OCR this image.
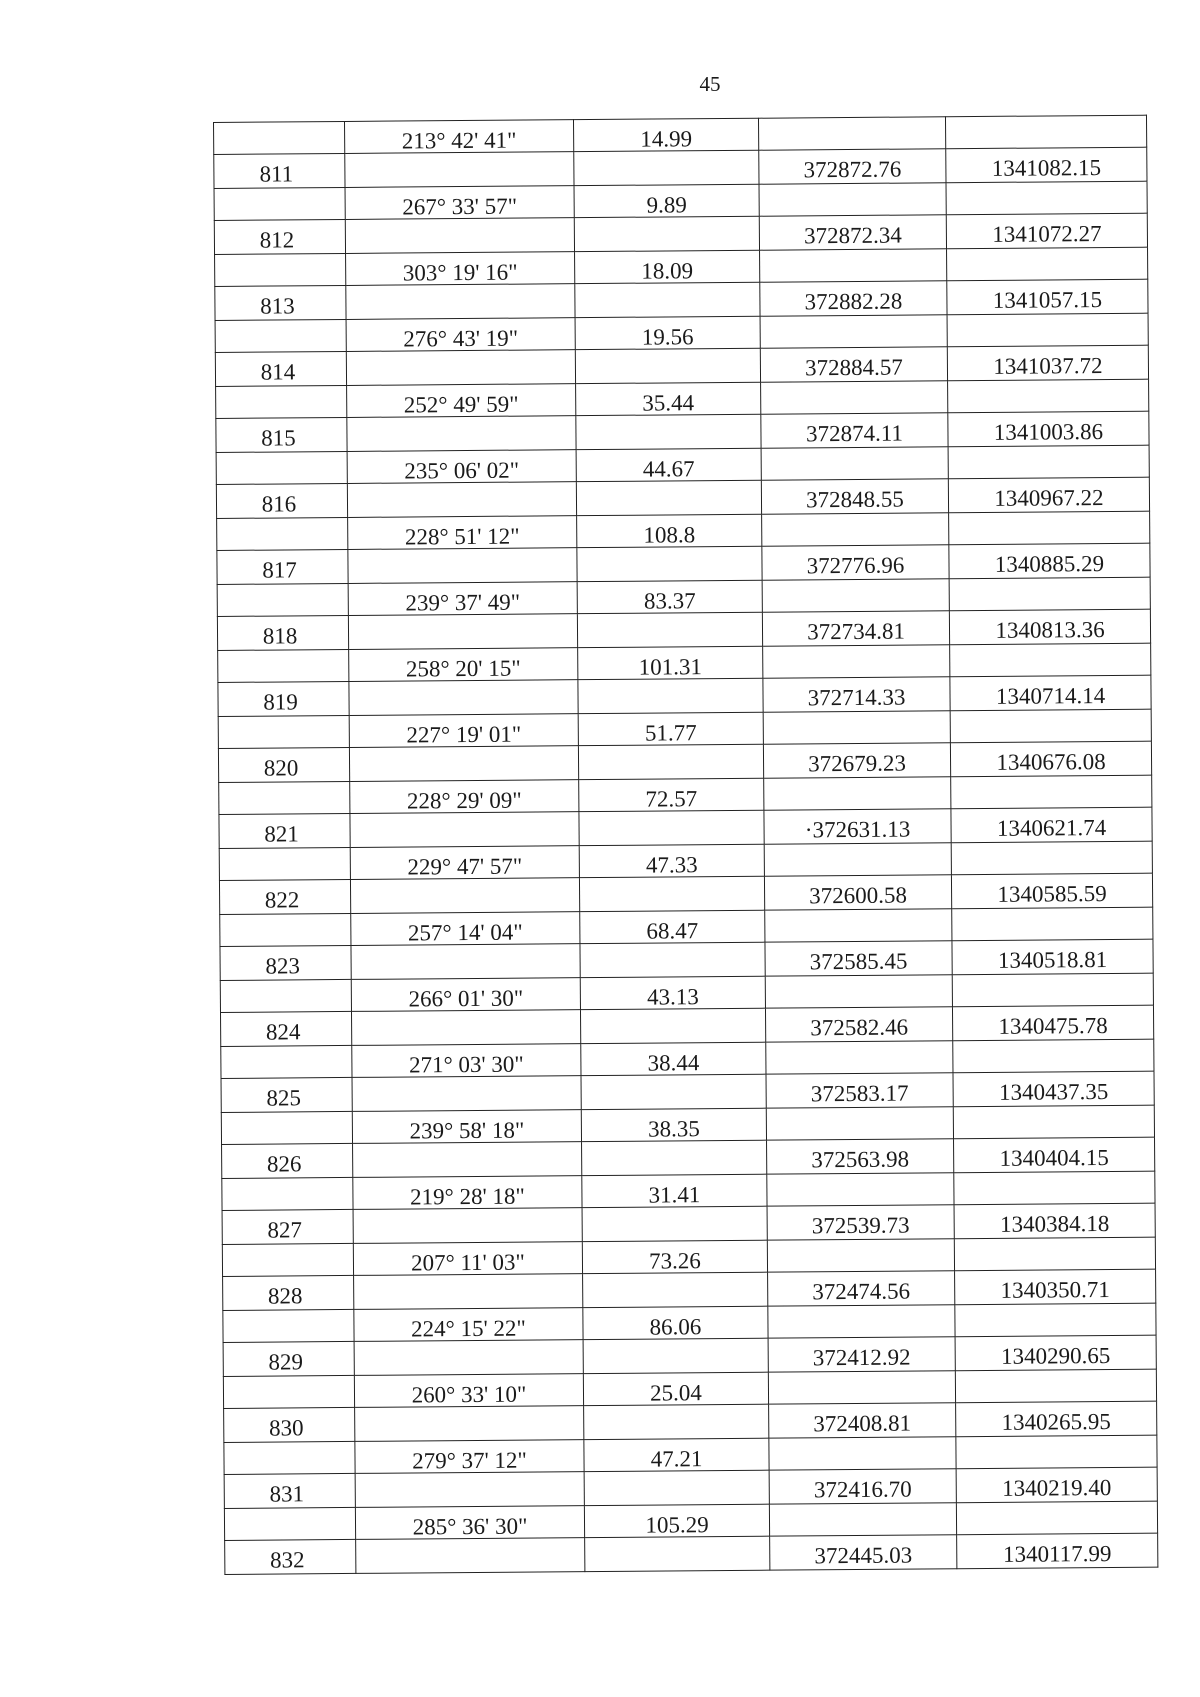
45
	213° 42' 41"	14.99		
811			372872.76	1341082.15
	267° 33' 57"	9.89		
812			372872.34	1341072.27
	303° 19' 16"	18.09		
813			372882.28	1341057.15
	276° 43' 19"	19.56		
814			372884.57	1341037.72
	252° 49' 59"	35.44		
815			372874.11	1341003.86
	235° 06' 02"	44.67		
816			372848.55	1340967.22
	228° 51' 12"	108.8		
817			372776.96	1340885.29
	239° 37' 49"	83.37		
818			372734.81	1340813.36
	258° 20' 15"	101.31		
819			372714.33	1340714.14
	227° 19' 01"	51.77		
820			372679.23	1340676.08
	228° 29' 09"	72.57		
821			·372631.13	1340621.74
	229° 47' 57"	47.33		
822			372600.58	1340585.59
	257° 14' 04"	68.47		
823			372585.45	1340518.81
	266° 01' 30"	43.13		
824			372582.46	1340475.78
	271° 03' 30"	38.44		
825			372583.17	1340437.35
	239° 58' 18"	38.35		
826			372563.98	1340404.15
	219° 28' 18"	31.41		
827			372539.73	1340384.18
	207° 11' 03"	73.26		
828			372474.56	1340350.71
	224° 15' 22"	86.06		
829			372412.92	1340290.65
	260° 33' 10"	25.04		
830			372408.81	1340265.95
	279° 37' 12"	47.21		
831			372416.70	1340219.40
	285° 36' 30"	105.29		
832			372445.03	1340117.99
